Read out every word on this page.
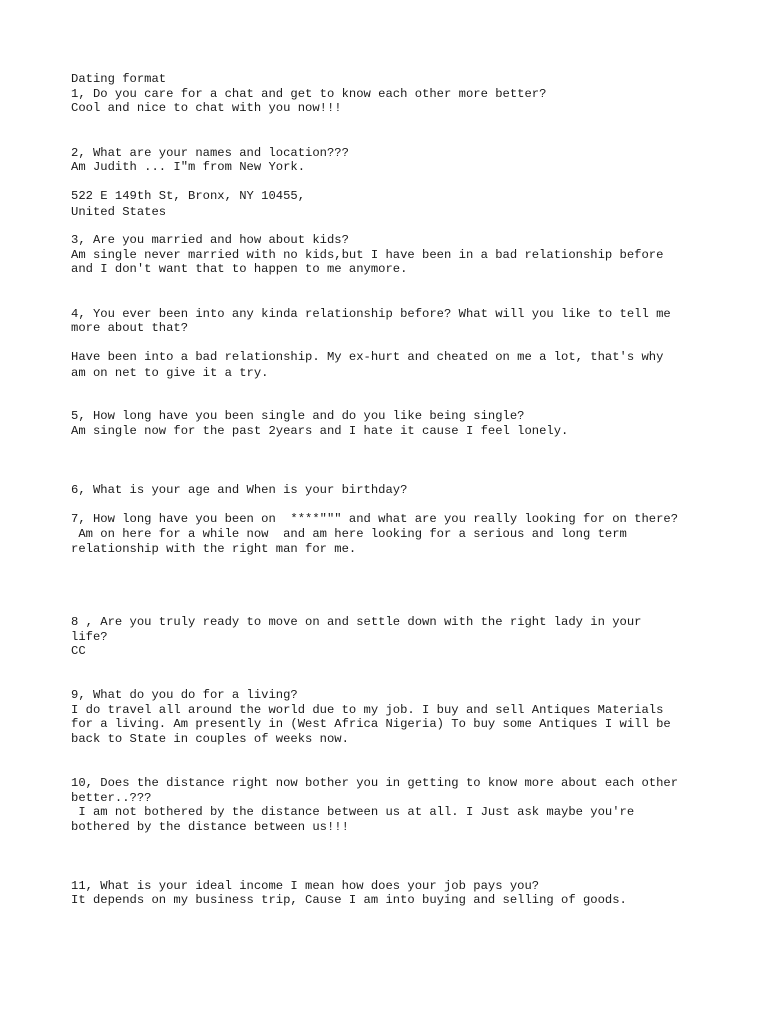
Dating format

1, Do you care for a chat and get to know each other more better?

Cool and nice to chat with you now!!!

2, What are your names and location???

Am Judith ... I"m from New York.

522 E 149th St, Bronx, NY 10455,

United States

3, Are you married and how about kids?

Am single never married with no kids,but I have been in a bad relationship before

and I don't want that to happen to me anymore.

4, You ever been into any kinda relationship before? What will you like to tell me

more about that?

Have been into a bad relationship. My ex-hurt and cheated on me a lot, that's why

am on net to give it a try.

5, How long have you been single and do you like being single?

Am single now for the past 2years and I hate it cause I feel lonely.

6, What is your age and When is your birthday?

7, How long have you been on  ****""" and what are you really looking for on there?

Am on here for a while now  and am here looking for a serious and long term

relationship with the right man for me.

8 , Are you truly ready to move on and settle down with the right lady in your

life?

CC

9, What do you do for a living?

I do travel all around the world due to my job. I buy and sell Antiques Materials

for a living. Am presently in (West Africa Nigeria) To buy some Antiques I will be

back to State in couples of weeks now.

10, Does the distance right now bother you in getting to know more about each other

better..???

I am not bothered by the distance between us at all. I Just ask maybe you're

bothered by the distance between us!!!

11, What is your ideal income I mean how does your job pays you?

It depends on my business trip, Cause I am into buying and selling of goods.
